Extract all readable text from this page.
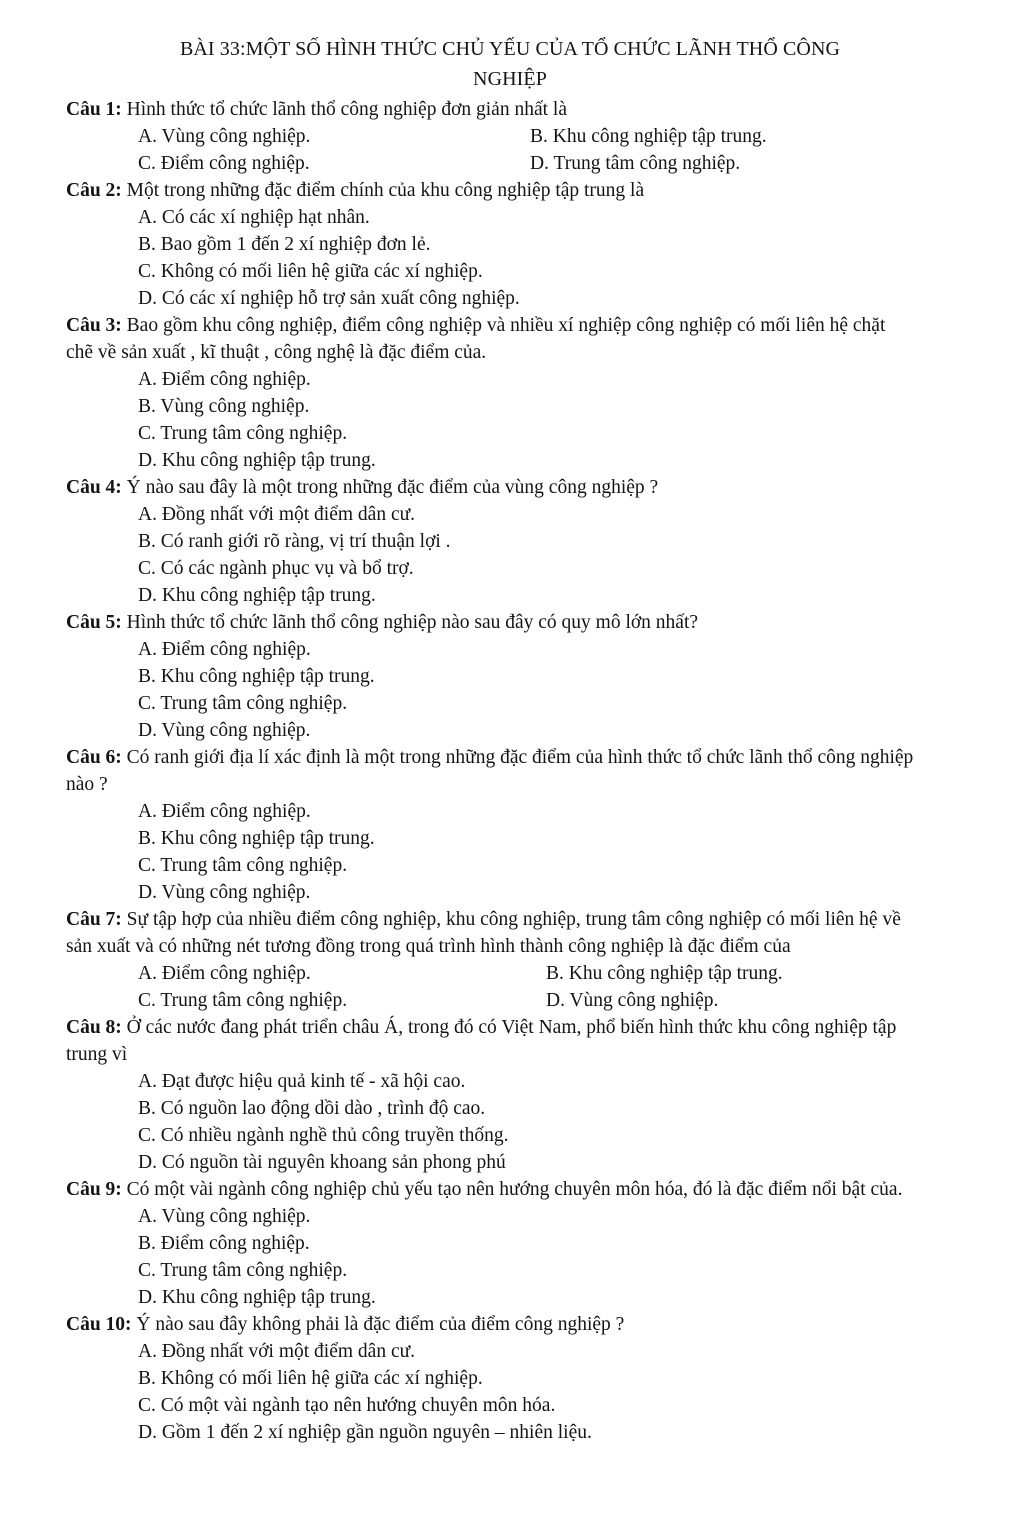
BÀI 33:MỘT SỐ HÌNH THỨC CHỦ YẾU CỦA TỔ CHỨC LÃNH THỔ CÔNG
NGHIỆP

Câu 1: Hình thức tổ chức lãnh thổ công nghiệp đơn giản nhất là

A. Vùng công nghiệp.	B. Khu công nghiệp tập trung.
C. Điểm công nghiệp.	D. Trung tâm công nghiệp.

Câu 2: Một trong những đặc điểm chính của khu công nghiệp tập trung là

A. Có các xí nghiệp hạt nhân.

B. Bao gồm 1 đến 2 xí nghiệp đơn lẻ.

C. Không có mối liên hệ giữa các xí nghiệp.

D. Có các xí nghiệp hỗ trợ sản xuất công nghiệp.

Câu 3: Bao gồm khu công nghiệp, điểm công nghiệp và nhiều xí nghiệp công nghiệp có mối liên hệ chặt chẽ về sản xuất , kĩ thuật , công nghệ là đặc điểm của.

A. Điểm công nghiệp.

B. Vùng công nghiệp.

C. Trung tâm công nghiệp.

D. Khu công nghiệp tập trung.

Câu 4: Ý nào sau đây là một trong những đặc điểm của vùng công nghiệp ?

A. Đồng nhất với một điểm dân cư.

B. Có ranh giới rõ ràng, vị trí thuận lợi .

C. Có các ngành phục vụ và bổ trợ.

D. Khu công nghiệp tập trung.

Câu 5: Hình thức tổ chức lãnh thổ công nghiệp nào sau đây có quy mô lớn nhất?

A. Điểm công nghiệp.

B. Khu công nghiệp tập trung.

C. Trung tâm công nghiệp.

D. Vùng công nghiệp.

Câu 6: Có ranh giới địa lí xác định là một trong những đặc điểm của hình thức tổ chức lãnh thổ công nghiệp nào ?

A. Điểm công nghiệp.

B. Khu công nghiệp tập trung.

C. Trung tâm công nghiệp.

D. Vùng công nghiệp.

Câu 7: Sự tập hợp của nhiều điểm công nghiệp, khu công nghiệp, trung tâm công nghiệp có mối liên hệ về sản xuất và có những nét tương đồng trong quá trình hình thành công nghiệp là đặc điểm của

A. Điểm công nghiệp.	B. Khu công nghiệp tập trung.
C. Trung tâm công nghiệp.	D. Vùng công nghiệp.

Câu 8: Ở các nước đang phát triển châu Á, trong đó có Việt Nam, phổ biến hình thức khu công nghiệp tập trung vì

A. Đạt được hiệu quả kinh tế - xã hội cao.

B. Có nguồn lao động dồi dào , trình độ cao.

C. Có nhiều ngành nghề thủ công truyền thống.

D. Có nguồn tài nguyên khoang sản phong phú

Câu 9: Có một vài ngành công nghiệp chủ yếu tạo nên hướng chuyên môn hóa, đó là đặc điểm nổi bật của.

A. Vùng công nghiệp.

B. Điểm công nghiệp.

C. Trung tâm công nghiệp.

D. Khu công nghiệp tập trung.

Câu 10: Ý nào sau đây không phải là đặc điểm của điểm công nghiệp ?

A. Đồng nhất với một điểm dân cư.

B. Không có mối liên hệ giữa các xí nghiệp.

C. Có một vài ngành tạo nên hướng chuyên môn hóa.

D. Gồm 1 đến 2 xí nghiệp gần nguồn nguyên – nhiên liệu.
